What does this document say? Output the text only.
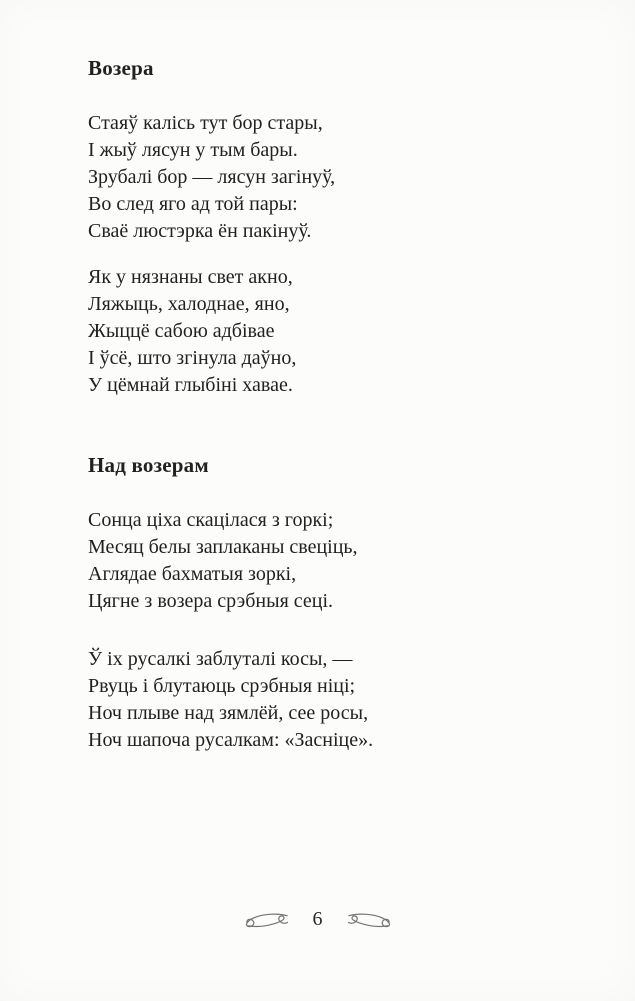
Возера

Стаяў калісь тут бор стары,
І жыў лясун у тым бары.
Зрубалі бор — лясун загінуў,
Во след яго ад той пары:
Сваё люстэрка ён пакінуў.

Як у нязнаны свет акно,
Ляжыць, халоднае, яно,
Жыццё сабою адбівае
І ўсё, што згінула даўно,
У цёмнай глыбіні хавае.

Над возерам

Сонца ціха скацілася з горкі;
Месяц белы заплаканы свеціць,
Аглядае бахматыя зоркі,
Цягне з возера срэбныя сеці.

Ў іх русалкі заблуталі косы, —
Рвуць і блутаюць срэбныя ніці;
Ноч плыве над зямлёй, сее росы,
Ноч шапоча русалкам: «Засніце».

6
